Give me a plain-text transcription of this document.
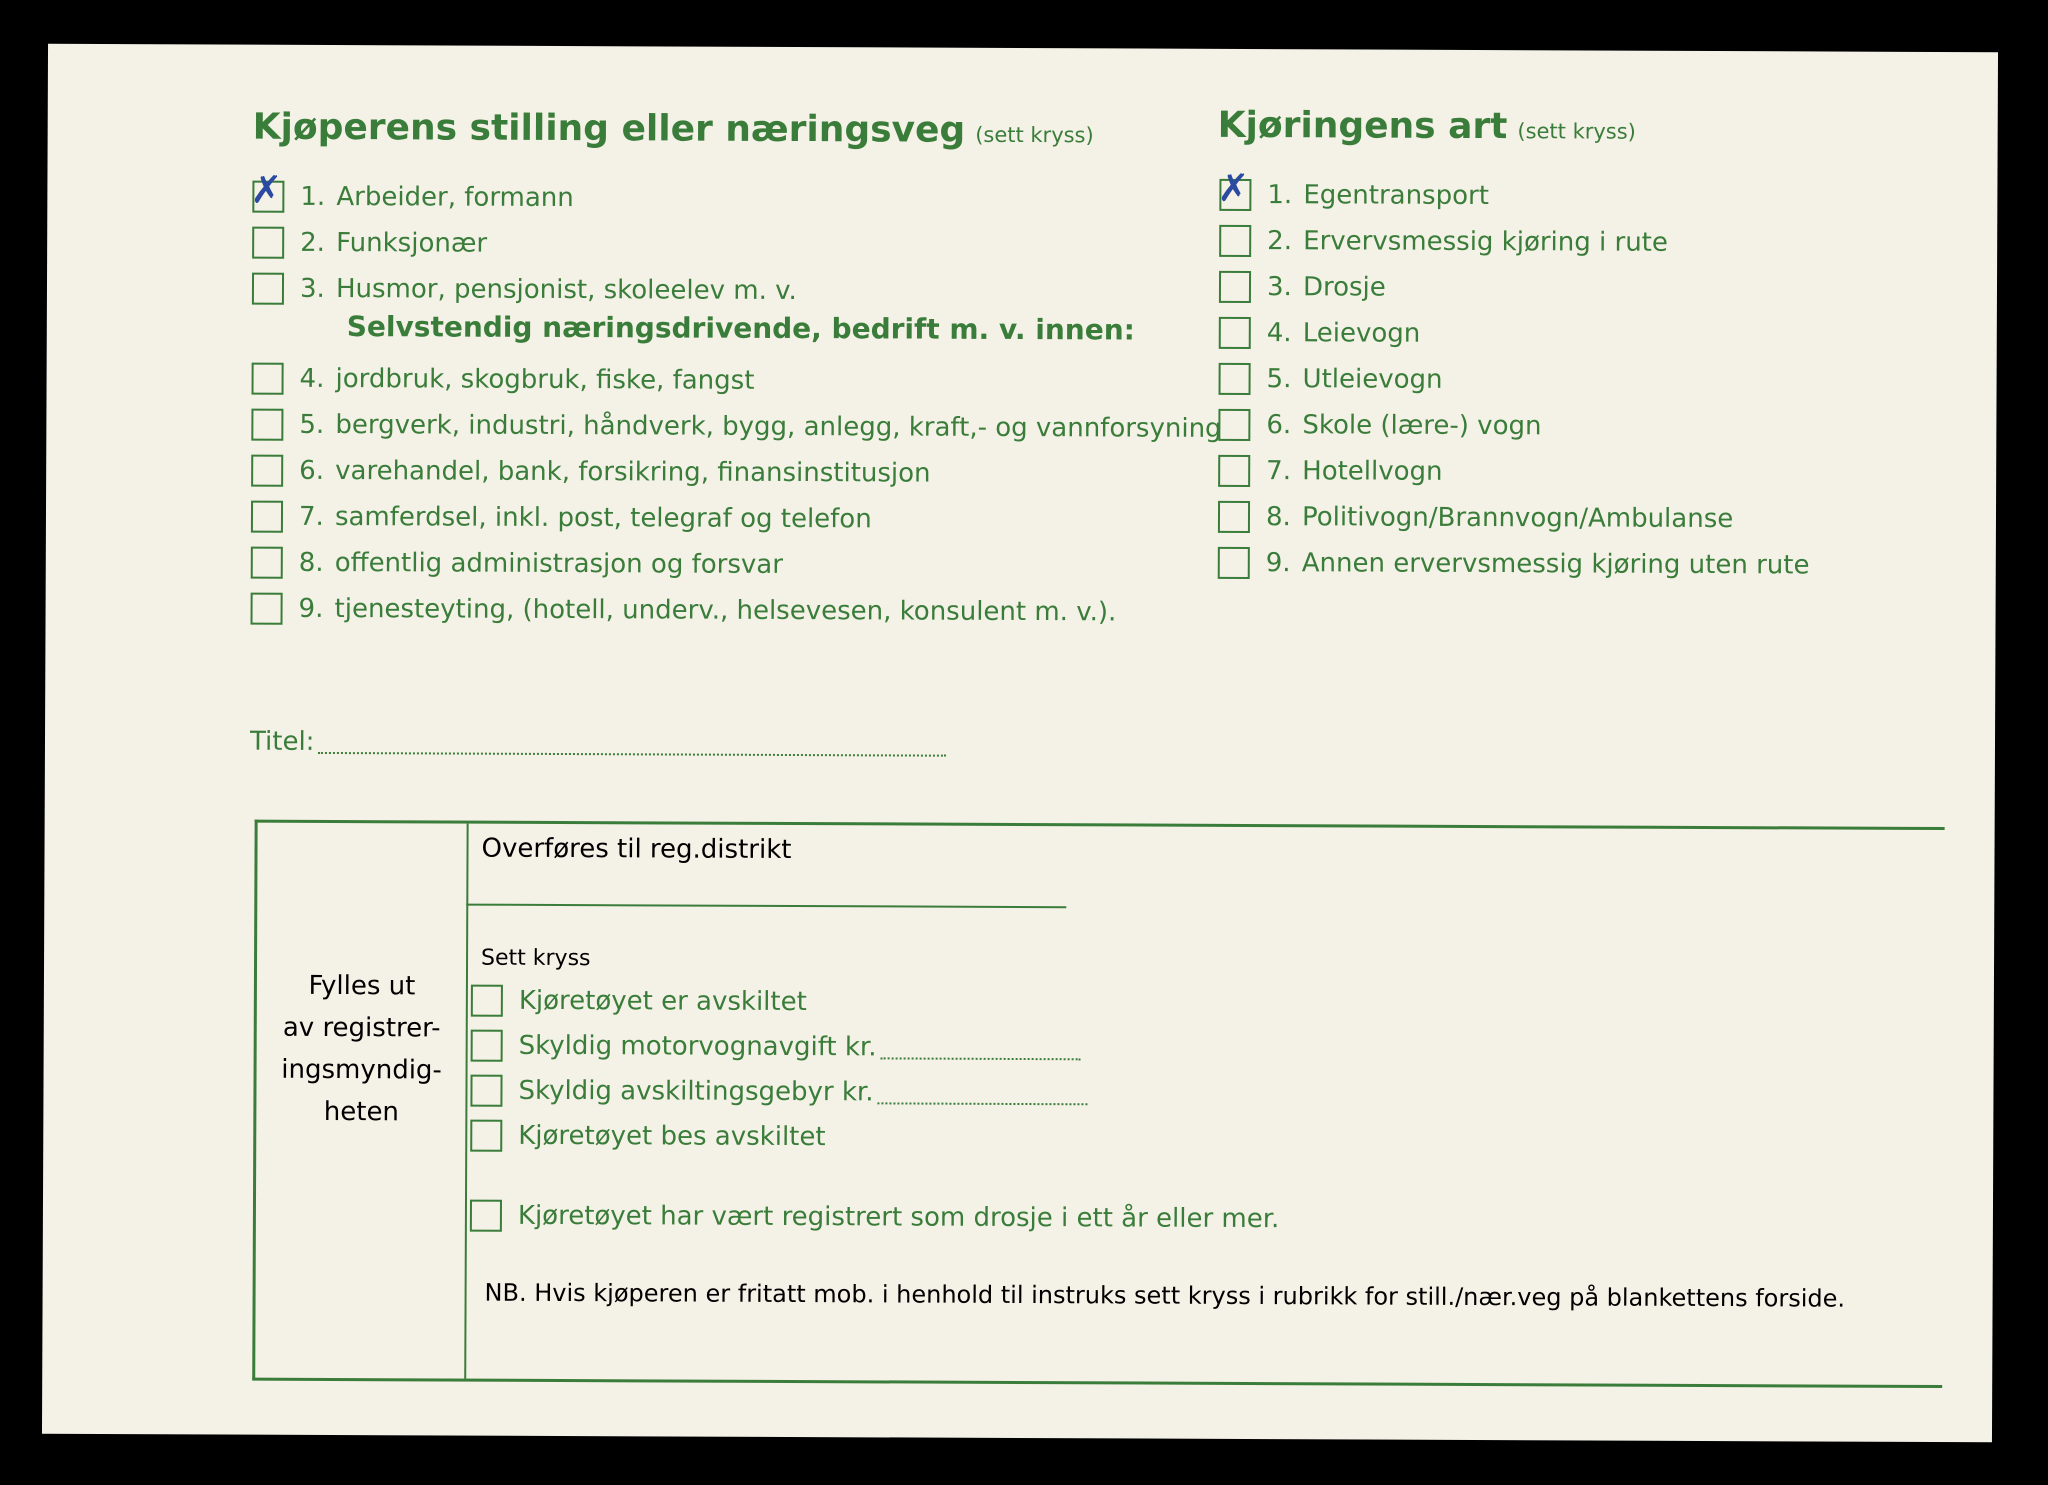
Kjøperens stilling eller næringsveg (sett kryss)
✗ 1. Arbeider, formann
2. Funksjonær
3. Husmor, pensjonist, skoleelev m. v.
Selvstendig næringsdrivende, bedrift m. v. innen:
4. jordbruk, skogbruk, fiske, fangst
5. bergverk, industri, håndverk, bygg, anlegg, kraft,- og vannforsyning
6. varehandel, bank, forsikring, finansinstitusjon
7. samferdsel, inkl. post, telegraf og telefon
8. offentlig administrasjon og forsvar
9. tjenesteyting, (hotell, underv., helsevesen, konsulent m. v.).
Kjøringens art (sett kryss)
✗ 1. Egentransport
2. Ervervsmessig kjøring i rute
3. Drosje
4. Leievogn
5. Utleievogn
6. Skole (lære-) vogn
7. Hotellvogn
8. Politivogn/Brannvogn/Ambulanse
9. Annen ervervsmessig kjøring uten rute
Titel:
Fylles ut
av registrer-
ingsmyndig-
heten
Overføres til reg.distrikt
Sett kryss
Kjøretøyet er avskiltet
Skyldig motorvognavgift kr.
Skyldig avskiltingsgebyr kr.
Kjøretøyet bes avskiltet
Kjøretøyet har vært registrert som drosje i ett år eller mer.
NB. Hvis kjøperen er fritatt mob. i henhold til instruks sett kryss i rubrikk for still./nær.veg på blankettens forside.
